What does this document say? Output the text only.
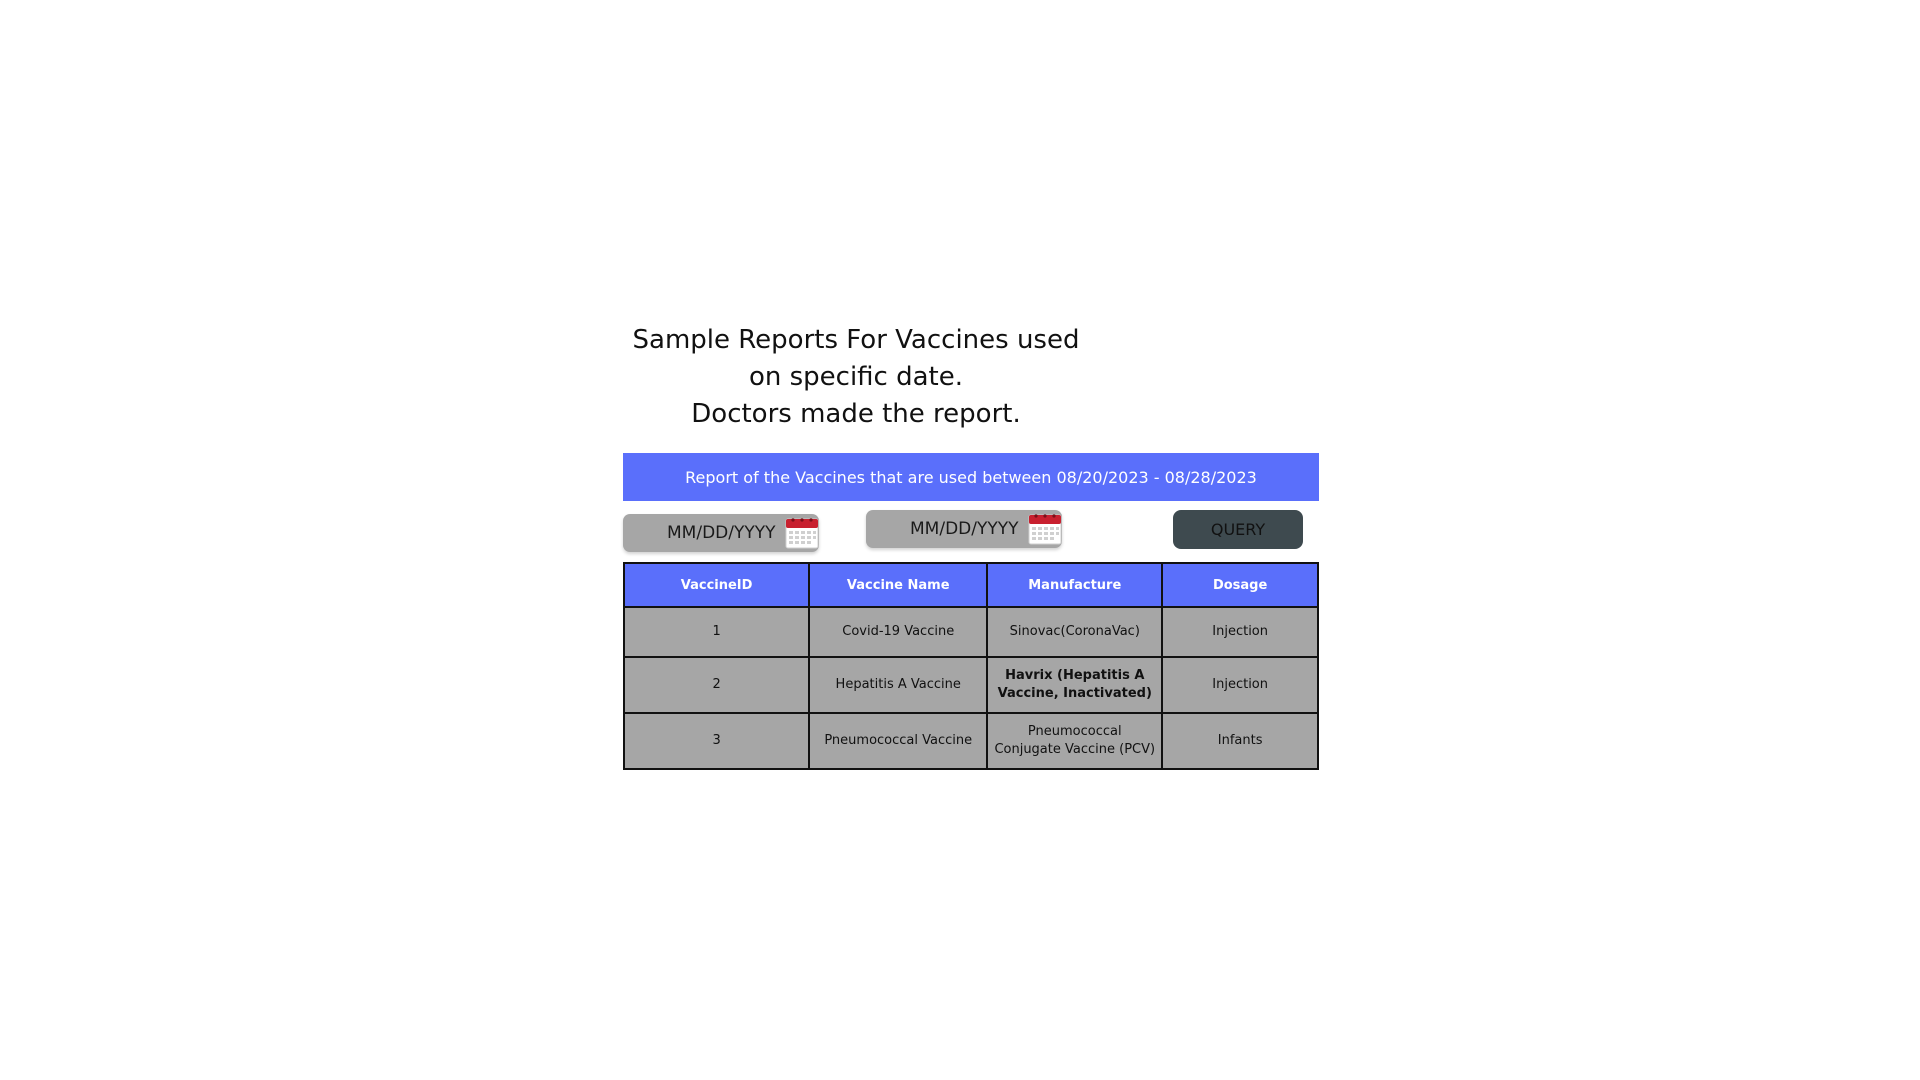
Sample Reports For Vaccines used
on specific date.
Doctors made the report.
Report of the Vaccines that are used between 08/20/2023 - 08/28/2023
MM/DD/YYYY	MM/DD/YYYY	QUERY
VaccineID	Vaccine Name	Manufacture	Dosage
1	Covid-19 Vaccine	Sinovac(CoronaVac)	Injection
2	Hepatitis A Vaccine	Havrix (Hepatitis A Vaccine, Inactivated)	Injection
3	Pneumococcal Vaccine	Pneumococcal Conjugate Vaccine (PCV)	Infants
